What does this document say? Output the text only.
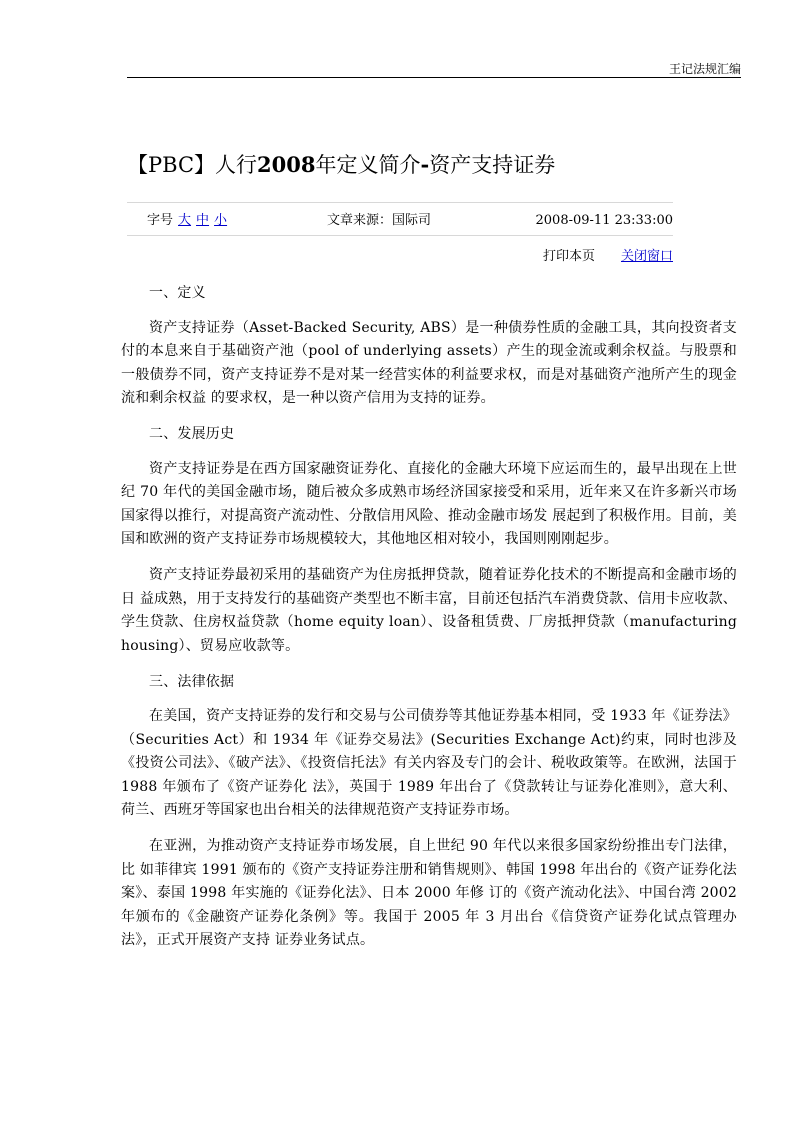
王记法规汇编
【PBC】人行2008年定义简介-资产支持证券
字号 大 中 小	文章来源：国际司	2008-09-11 23:33:00
打印本页 关闭窗口

一、定义

资产支持证券（Asset-Backed Security, ABS）是一种债券性质的金融工具，其向投资者支付的本息来自于基础资产池（pool of underlying assets）产生的现金流或剩余权益。与股票和一般债券不同，资产支持证券不是对某一经营实体的利益要求权，而是对基础资产池所产生的现金流和剩余权益 的要求权，是一种以资产信用为支持的证券。

二、发展历史

资产支持证券是在西方国家融资证券化、直接化的金融大环境下应运而生的，最早出现在上世纪 70 年代的美国金融市场，随后被众多成熟市场经济国家接受和采用，近年来又在许多新兴市场国家得以推行，对提高资产流动性、分散信用风险、推动金融市场发 展起到了积极作用。目前，美国和欧洲的资产支持证券市场规模较大，其他地区相对较小，我国则刚刚起步。

资产支持证券最初采用的基础资产为住房抵押贷款，随着证券化技术的不断提高和金融市场的日 益成熟，用于支持发行的基础资产类型也不断丰富，目前还包括汽车消费贷款、信用卡应收款、学生贷款、住房权益贷款（home equity loan）、设备租赁费、厂房抵押贷款（manufacturing housing）、贸易应收款等。

三、法律依据

在美国，资产支持证券的发行和交易与公司债券等其他证券基本相同，受 1933 年《证券法》（Securities Act）和 1934 年《证券交易法》(Securities Exchange Act)约束，同时也涉及《投资公司法》、《破产法》、《投资信托法》有关内容及专门的会计、税收政策等。在欧洲，法国于 1988 年颁布了《资产证券化 法》，英国于 1989 年出台了《贷款转让与证券化准则》，意大利、荷兰、西班牙等国家也出台相关的法律规范资产支持证券市场。

在亚洲，为推动资产支持证券市场发展，自上世纪 90 年代以来很多国家纷纷推出专门法律，比 如菲律宾 1991 颁布的《资产支持证券注册和销售规则》、韩国 1998 年出台的《资产证券化法案》、泰国 1998 年实施的《证券化法》、日本 2000 年修 订的《资产流动化法》、中国台湾 2002 年颁布的《金融资产证券化条例》等。我国于 2005 年 3 月出台《信贷资产证券化试点管理办法》，正式开展资产支持 证券业务试点。
